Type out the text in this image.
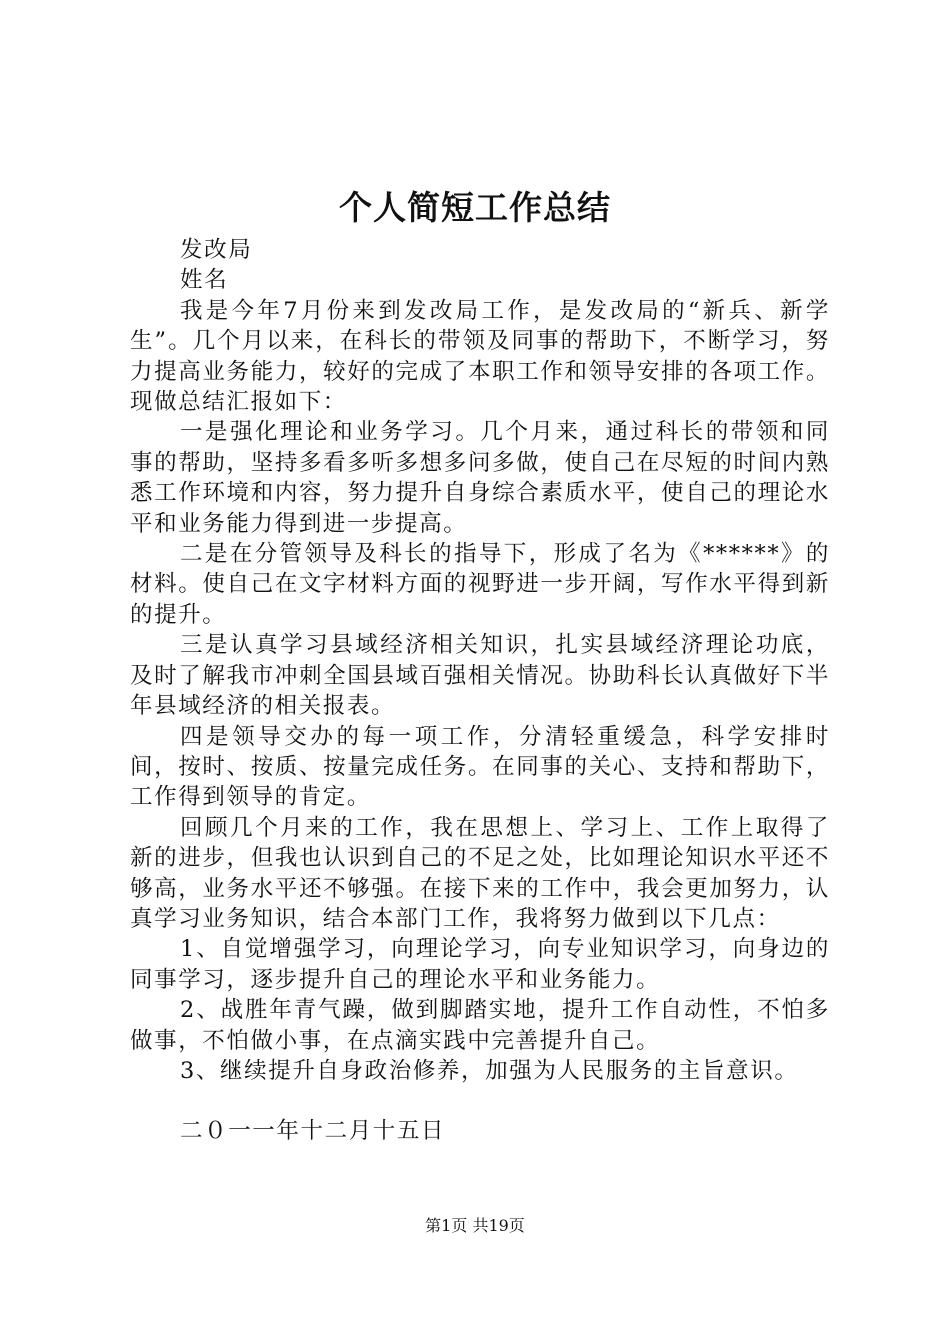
个人简短工作总结

发改局

姓名

我是今年7月份来到发改局工作，是发改局的“新兵、新学生”。几个月以来，在科长的带领及同事的帮助下，不断学习，努力提高业务能力，较好的完成了本职工作和领导安排的各项工作。现做总结汇报如下：

一是强化理论和业务学习。几个月来，通过科长的带领和同事的帮助，坚持多看多听多想多问多做，使自己在尽短的时间内熟悉工作环境和内容，努力提升自身综合素质水平，使自己的理论水平和业务能力得到进一步提高。

二是在分管领导及科长的指导下，形成了名为《******》的材料。使自己在文字材料方面的视野进一步开阔，写作水平得到新的提升。

三是认真学习县域经济相关知识，扎实县域经济理论功底，及时了解我市冲刺全国县域百强相关情况。协助科长认真做好下半年县域经济的相关报表。

四是领导交办的每一项工作，分清轻重缓急，科学安排时间，按时、按质、按量完成任务。在同事的关心、支持和帮助下，工作得到领导的肯定。

回顾几个月来的工作，我在思想上、学习上、工作上取得了新的进步，但我也认识到自己的不足之处，比如理论知识水平还不够高，业务水平还不够强。在接下来的工作中，我会更加努力，认真学习业务知识，结合本部门工作，我将努力做到以下几点：

1、自觉增强学习，向理论学习，向专业知识学习，向身边的同事学习，逐步提升自己的理论水平和业务能力。

2、战胜年青气躁，做到脚踏实地，提升工作自动性，不怕多做事，不怕做小事，在点滴实践中完善提升自己。

3、继续提升自身政治修养，加强为人民服务的主旨意识。

二０一一年十二月十五日

第1页 共19页
